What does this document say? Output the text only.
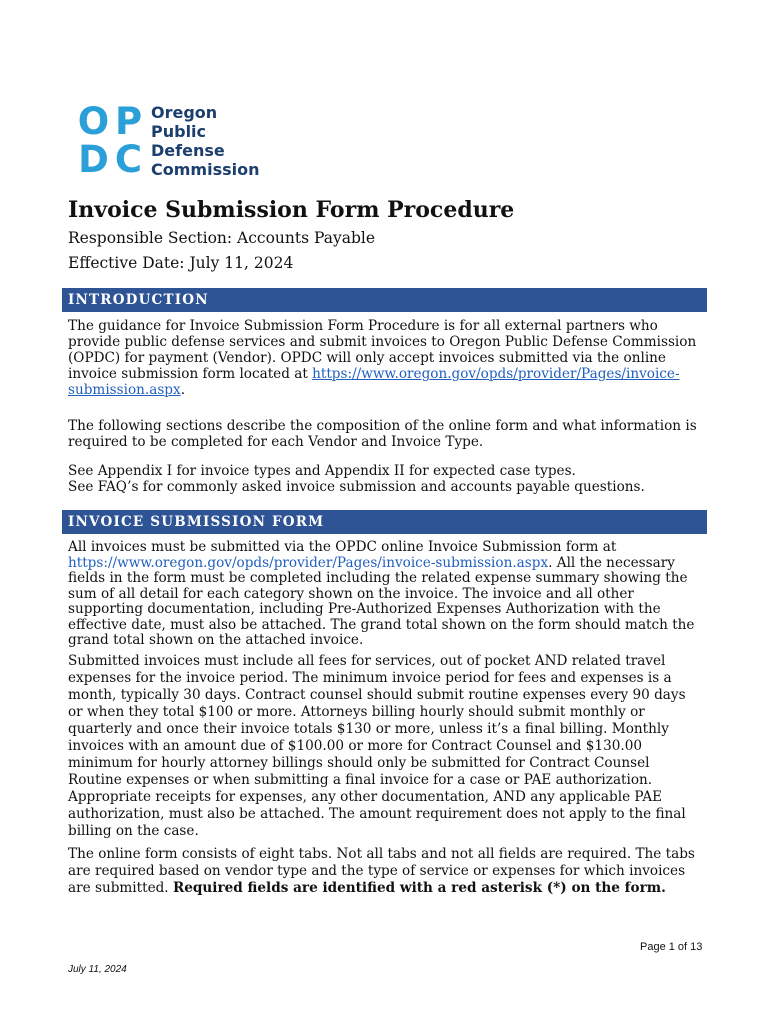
O P
D C
Oregon
Public
Defense
Commission
Invoice Submission Form Procedure
Responsible Section: Accounts Payable
Effective Date: July 11, 2024
INTRODUCTION

The guidance for Invoice Submission Form Procedure is for all external partners who provide public defense services and submit invoices to Oregon Public Defense Commission (OPDC) for payment (Vendor). OPDC will only accept invoices submitted via the online invoice submission form located at https://www.oregon.gov/opds/provider/Pages/invoice-submission.aspx.

The following sections describe the composition of the online form and what information is required to be completed for each Vendor and Invoice Type.

See Appendix I for invoice types and Appendix II for expected case types.
See FAQ’s for commonly asked invoice submission and accounts payable questions.

INVOICE SUBMISSION FORM

All invoices must be submitted via the OPDC online Invoice Submission form at https://www.oregon.gov/opds/provider/Pages/invoice-submission.aspx. All the necessary fields in the form must be completed including the related expense summary showing the sum of all detail for each category shown on the invoice. The invoice and all other supporting documentation, including Pre-Authorized Expenses Authorization with the effective date, must also be attached. The grand total shown on the form should match the grand total shown on the attached invoice.

Submitted invoices must include all fees for services, out of pocket AND related travel expenses for the invoice period. The minimum invoice period for fees and expenses is a month, typically 30 days. Contract counsel should submit routine expenses every 90 days or when they total $100 or more. Attorneys billing hourly should submit monthly or quarterly and once their invoice totals $130 or more, unless it’s a final billing. Monthly invoices with an amount due of $100.00 or more for Contract Counsel and $130.00 minimum for hourly attorney billings should only be submitted for Contract Counsel Routine expenses or when submitting a final invoice for a case or PAE authorization. Appropriate receipts for expenses, any other documentation, AND any applicable PAE authorization, must also be attached. The amount requirement does not apply to the final billing on the case.

The online form consists of eight tabs. Not all tabs and not all fields are required. The tabs are required based on vendor type and the type of service or expenses for which invoices are submitted. Required fields are identified with a red asterisk (*) on the form.

Page 1 of 13
July 11, 2024
